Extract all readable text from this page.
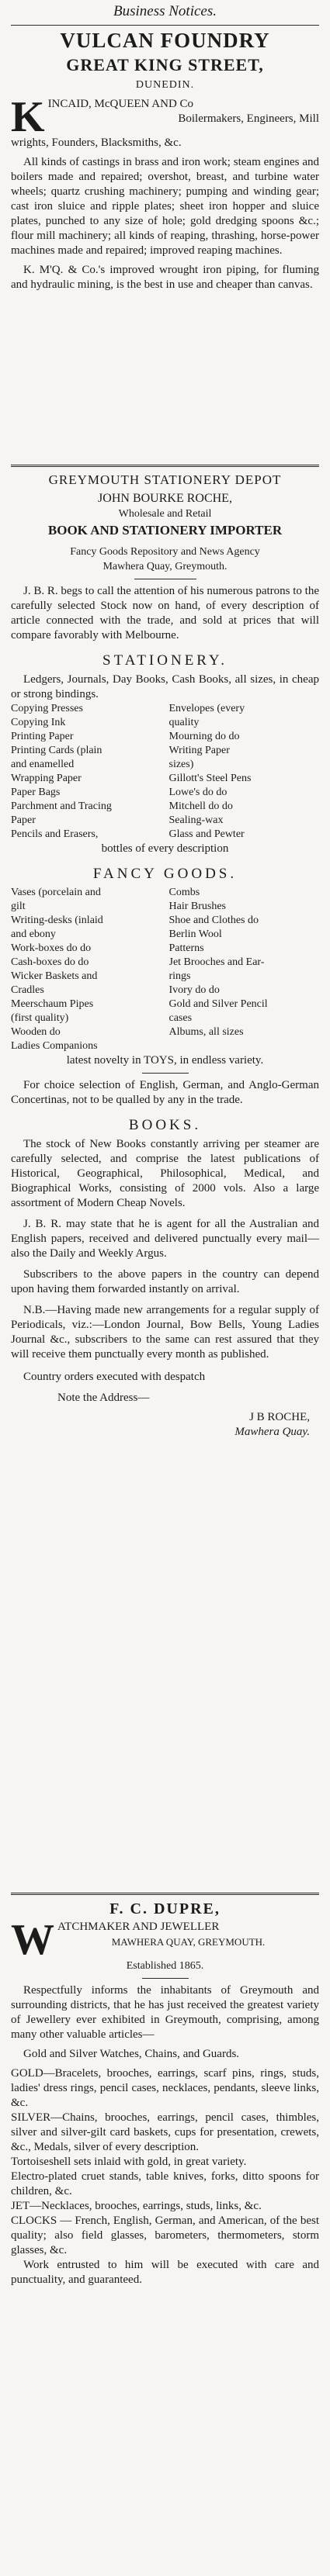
Business Notices.
VULCAN FOUNDRY
GREAT KING STREET,
DUNEDIN.
K INCAID, McQUEEN AND Co

Boilermakers, Engineers, Mill

wrights, Founders, Blacksmiths, &c.

All kinds of castings in brass and iron work; steam engines and boilers made and repaired; overshot, breast, and turbine water wheels; quartz crushing machinery; pumping and winding gear; cast iron sluice and ripple plates; sheet iron hopper and sluice plates, punched to any size of hole; gold dredging spoons &c.; flour mill machinery; all kinds of reaping, thrashing, horse-power machines made and repaired; improved reaping machines.

K. M'Q. & Co.'s improved wrought iron piping, for fluming and hydraulic mining, is the best in use and cheaper than canvas.

GREYMOUTH STATIONERY DEPOT
JOHN BOURKE ROCHE,
Wholesale and Retail
BOOK AND STATIONERY IMPORTER
Fancy Goods Repository and News Agency
Mawhera Quay, Greymouth.

J. B. R. begs to call the attention of his numerous patrons to the carefully selected Stock now on hand, of every description of article connected with the trade, and sold at prices that will compare favorably with Melbourne.

STATIONERY.

Ledgers, Journals, Day Books, Cash Books, all sizes, in cheap or strong bindings.

Copying Presses	Envelopes (every
Copying Ink	quality
Printing Paper	Mourning do do
Printing Cards (plain	Writing Paper
and enamelled	sizes)
Wrapping Paper	Gillott's Steel Pens
Paper Bags	Lowe's do do
Parchment and Tracing	Mitchell do do
Paper	Sealing-wax
Pencils and Erasers,	Glass and Pewter

bottles of every description

FANCY GOODS.
Vases (porcelain and	Combs
gilt	Hair Brushes
Writing-desks (inlaid	Shoe and Clothes do
and ebony	Berlin Wool
Work-boxes do do	Patterns
Cash-boxes do do	Jet Brooches and Ear-
Wicker Baskets and	rings
Cradles	Ivory do do
Meerschaum Pipes	Gold and Silver Pencil
(first quality)	cases
Wooden do	Albums, all sizes
Ladies Companions

latest novelty in TOYS, in endless variety.

For choice selection of English, German, and Anglo-German Concertinas, not to be qualled by any in the trade.

BOOKS.

The stock of New Books constantly arriving per steamer are carefully selected, and comprise the latest publications of Historical, Geographical, Philosophical, Medical, and Biographical Works, consisting of 2000 vols. Also a large assortment of Modern Cheap Novels.

J. B. R. may state that he is agent for all the Australian and English papers, received and delivered punctually every mail—also the Daily and Weekly Argus.

Subscribers to the above papers in the country can depend upon having them forwarded instantly on arrival.

N.B.—Having made new arrangements for a regular supply of Periodicals, viz.:—London Journal, Bow Bells, Young Ladies Journal &c., subscribers to the same can rest assured that they will receive them punctually every month as published.

Country orders executed with despatch

Note the Address—

J B ROCHE,
Mawhera Quay.
F. C. DUPRE,
W ATCHMAKER AND JEWELLER

MAWHERA QUAY, GREYMOUTH.

Established 1865.

Respectfully informs the inhabitants of Greymouth and surrounding districts, that he has just received the greatest variety of Jewellery ever exhibited in Greymouth, comprising, among many other valuable articles—

Gold and Silver Watches, Chains, and Guards.

GOLD—Bracelets, brooches, earrings, scarf pins, rings, studs, ladies' dress rings, pencil cases, necklaces, pendants, sleeve links, &c.

SILVER—Chains, brooches, earrings, pencil cases, thimbles, silver and silver-gilt card baskets, cups for presentation, crewets, &c., Medals, silver of every description.

Tortoiseshell sets inlaid with gold, in great variety.

Electro-plated cruet stands, table knives, forks, ditto spoons for children, &c.

JET—Necklaces, brooches, earrings, studs, links, &c.

CLOCKS — French, English, German, and American, of the best quality; also field glasses, barometers, thermometers, storm glasses, &c.

Work entrusted to him will be executed with care and punctuality, and guaranteed.
